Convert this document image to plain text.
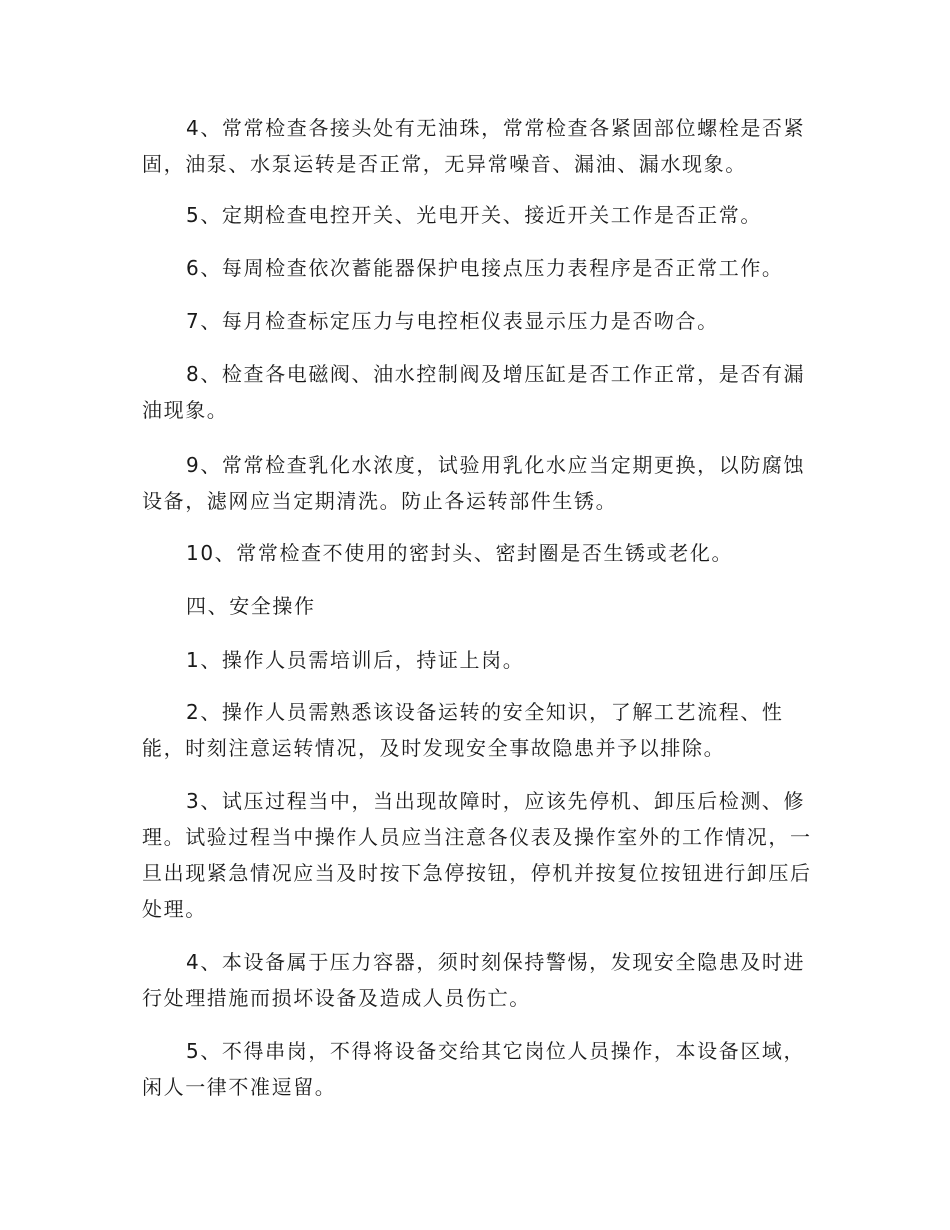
4、常常检查各接头处有无油珠，常常检查各紧固部位螺栓是否紧固，油泵、水泵运转是否正常，无异常噪音、漏油、漏水现象。

5、定期检查电控开关、光电开关、接近开关工作是否正常。

6、每周检查依次蓄能器保护电接点压力表程序是否正常工作。

7、每月检查标定压力与电控柜仪表显示压力是否吻合。

8、检查各电磁阀、油水控制阀及增压缸是否工作正常，是否有漏油现象。

9、常常检查乳化水浓度，试验用乳化水应当定期更换，以防腐蚀设备，滤网应当定期清洗。防止各运转部件生锈。

10、常常检查不使用的密封头、密封圈是否生锈或老化。

四、安全操作

1、操作人员需培训后，持证上岗。

2、操作人员需熟悉该设备运转的安全知识，了解工艺流程、性能，时刻注意运转情况，及时发现安全事故隐患并予以排除。

3、试压过程当中，当出现故障时，应该先停机、卸压后检测、修理。试验过程当中操作人员应当注意各仪表及操作室外的工作情况，一旦出现紧急情况应当及时按下急停按钮，停机并按复位按钮进行卸压后处理。

4、本设备属于压力容器，须时刻保持警惕，发现安全隐患及时进行处理措施而损坏设备及造成人员伤亡。

5、不得串岗，不得将设备交给其它岗位人员操作，本设备区域，闲人一律不准逗留。
